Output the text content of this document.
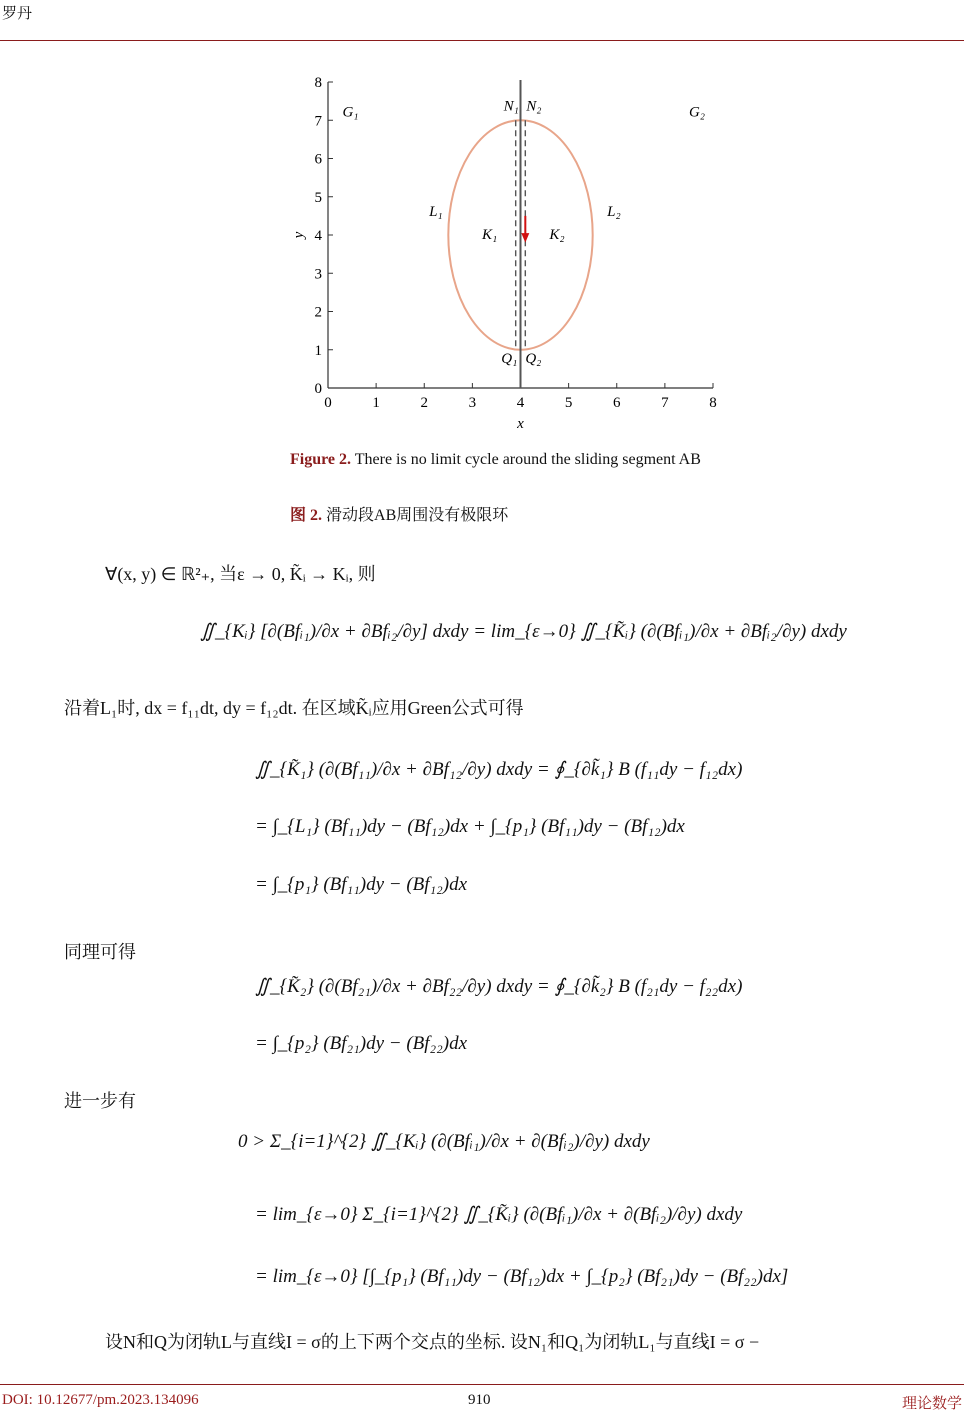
罗丹
0	1	2	3	4	5	6	7	8
0
1
2
3
4
5
6
7
8
x
y
G₁	G₂
N₁ N₂
L₁	L₂
K₁	K₂
Q₁ Q₂
Figure 2. There is no limit cycle around the sliding segment AB
图 2. 滑动段AB周围没有极限环
∀(x, y) ∈ ℝ²₊, 当ε → 0, K̃ᵢ → Kᵢ, 则
∬_{Kᵢ} [∂(Bfᵢ₁)/∂x + ∂Bfᵢ₂/∂y] dxdy = lim_{ε→0} ∬_{K̃ᵢ} (∂(Bfᵢ₁)/∂x + ∂Bfᵢ₂/∂y) dxdy
沿着L₁时, dx = f₁₁dt, dy = f₁₂dt. 在区域K̃ᵢ应用Green公式可得
∬_{K̃₁} (∂(Bf₁₁)/∂x + ∂Bf₁₂/∂y) dxdy = ∮_{∂k̃₁} B (f₁₁dy − f₁₂dx)
= ∫_{L₁} (Bf₁₁)dy − (Bf₁₂)dx + ∫_{p₁} (Bf₁₁)dy − (Bf₁₂)dx
= ∫_{p₁} (Bf₁₁)dy − (Bf₁₂)dx
同理可得
∬_{K̃₂} (∂(Bf₂₁)/∂x + ∂Bf₂₂/∂y) dxdy = ∮_{∂k̃₂} B (f₂₁dy − f₂₂dx)
= ∫_{p₂} (Bf₂₁)dy − (Bf₂₂)dx
进一步有
0 > Σ_{i=1}^{2} ∬_{Kᵢ} (∂(Bfᵢ₁)/∂x + ∂(Bfᵢ₂)/∂y) dxdy
= lim_{ε→0} Σ_{i=1}^{2} ∬_{K̃ᵢ} (∂(Bfᵢ₁)/∂x + ∂(Bfᵢ₂)/∂y) dxdy
= lim_{ε→0} [∫_{p₁} (Bf₁₁)dy − (Bf₁₂)dx + ∫_{p₂} (Bf₂₁)dy − (Bf₂₂)dx]
设N和Q为闭轨L与直线I = σ的上下两个交点的坐标. 设N₁和Q₁为闭轨L₁与直线I = σ −
DOI: 10.12677/pm.2023.134096	910	理论数学
